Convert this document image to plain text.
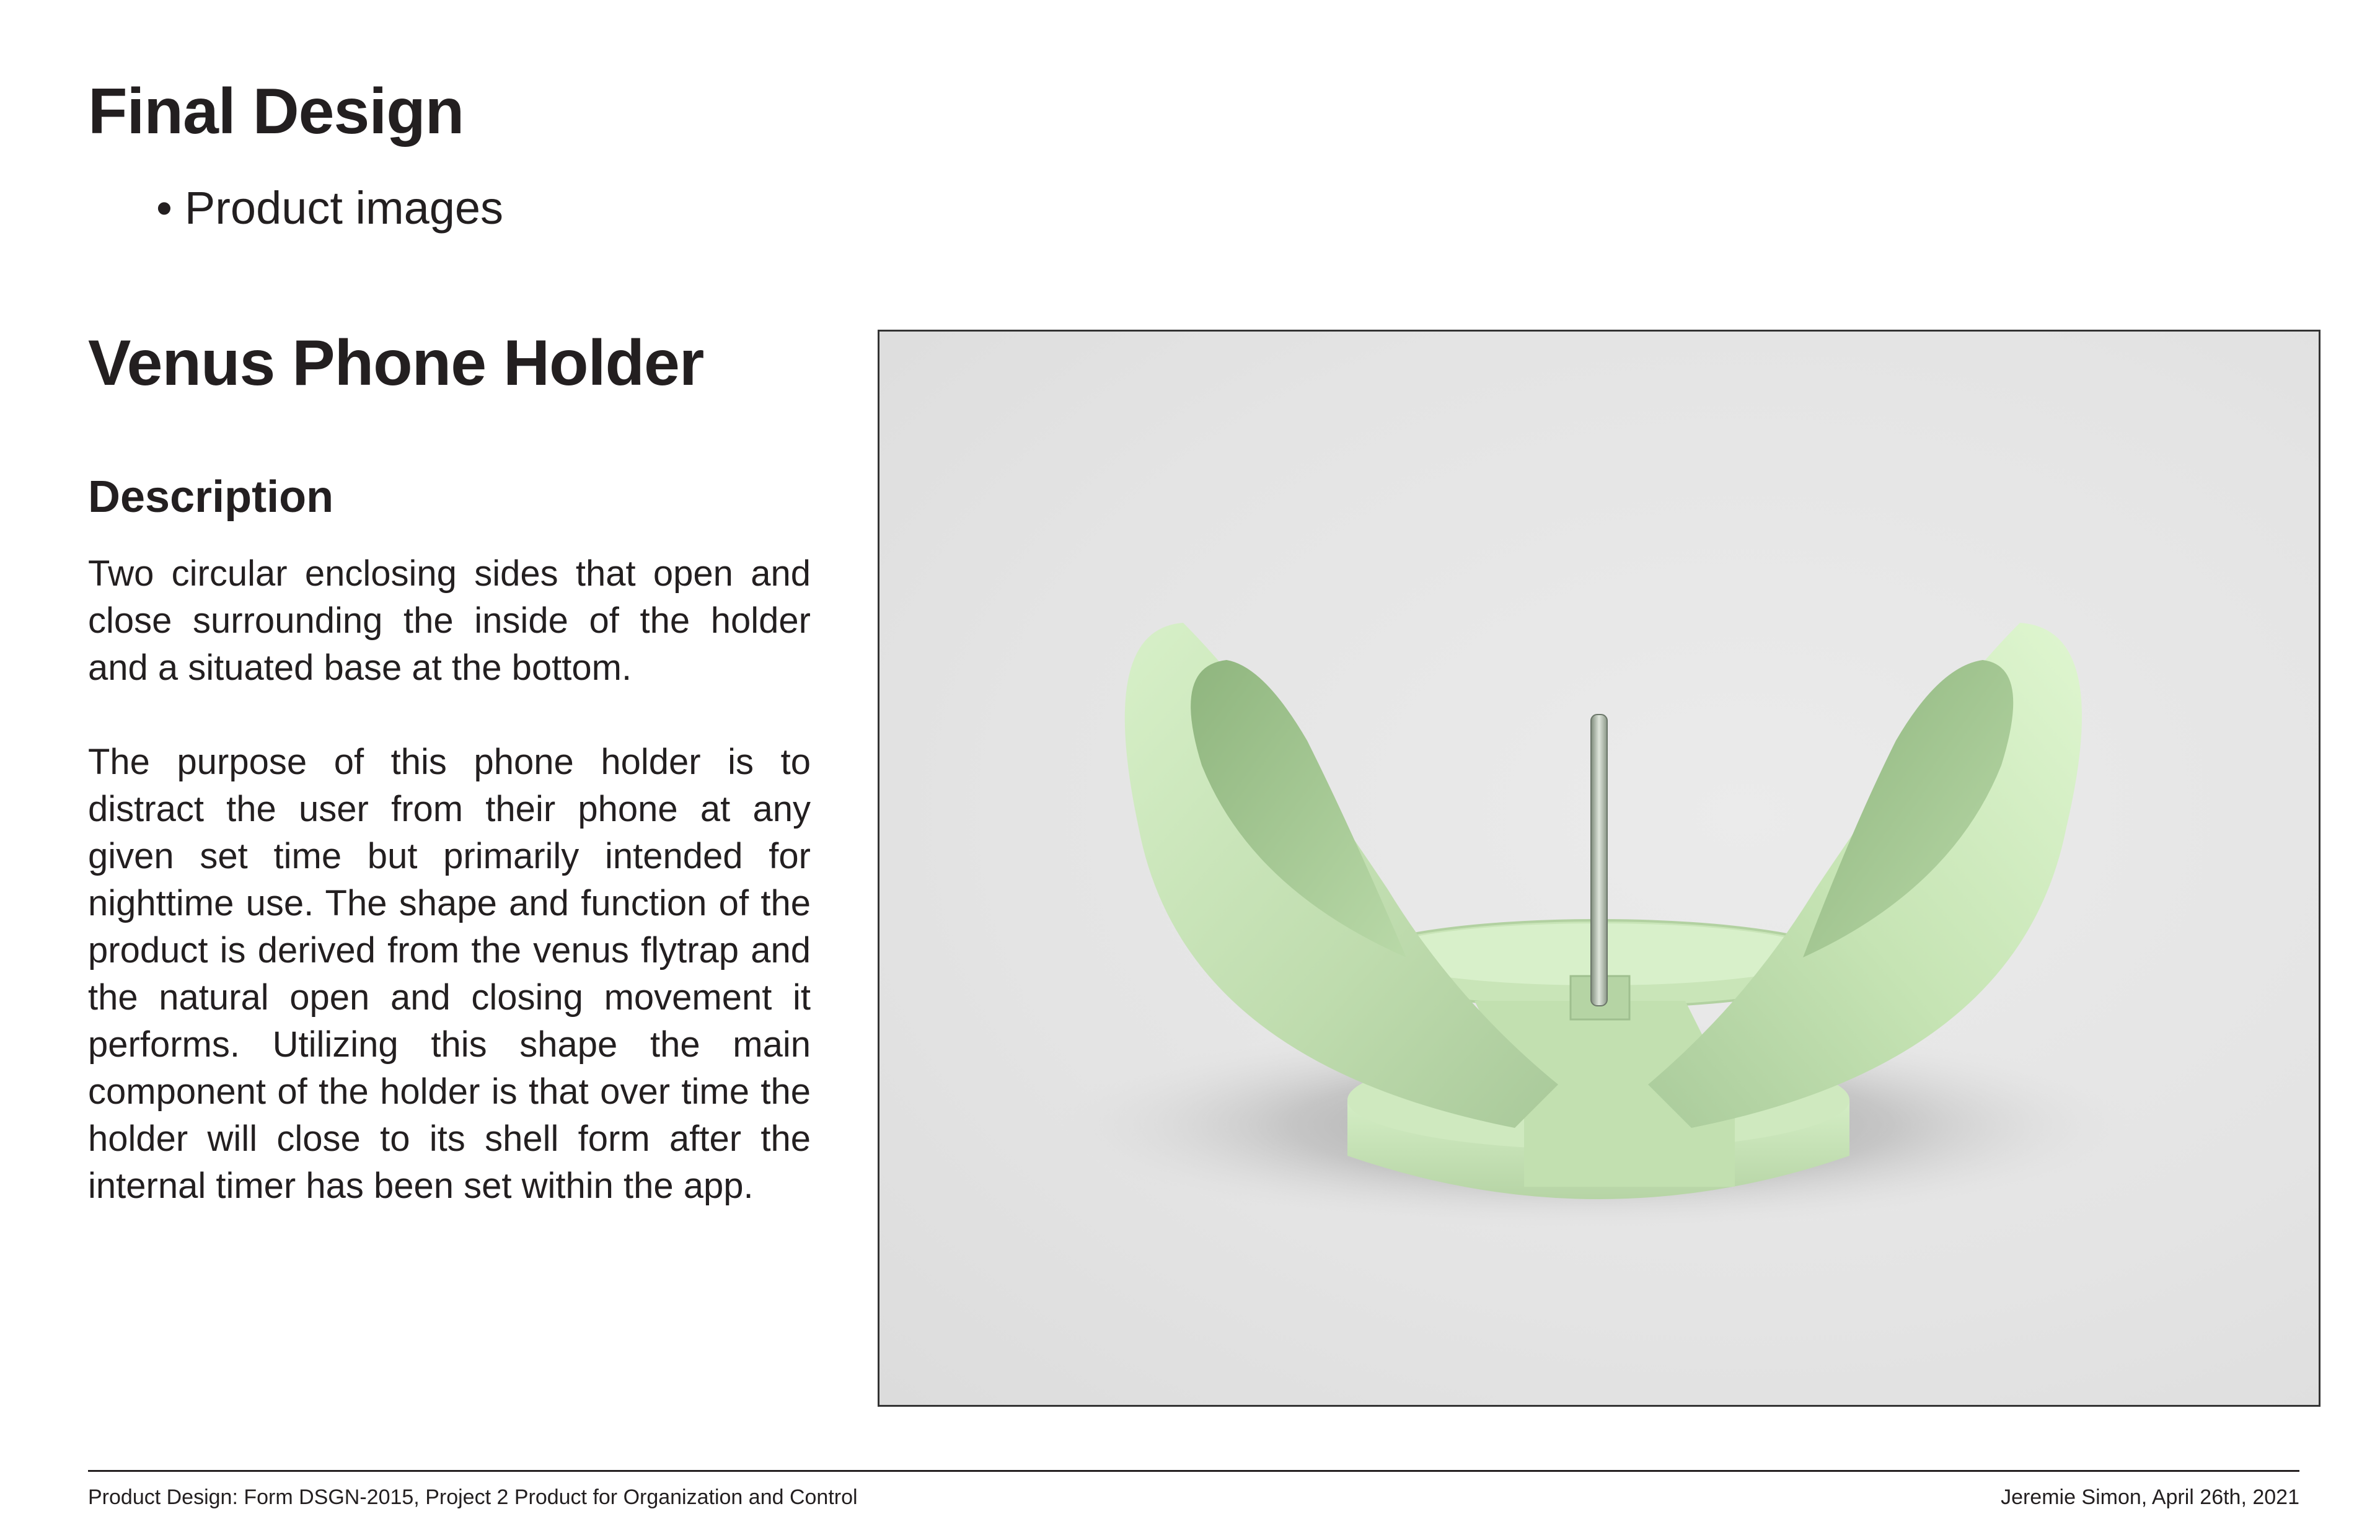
Final Design
• Product images
Venus Phone Holder
Description

Two circular enclosing sides that open and close surrounding the inside of the holder and a situated base at the bottom.

The purpose of this phone holder is to distract the user from their phone at any given set time but primarily intended for nighttime use. The shape and function of the product is derived from the venus flytrap and the natural open and closing movement it performs. Utilizing this shape the main component of the holder is that over time the holder will close to its shell form after the internal timer has been set within the app.

Product Design: Form DSGN-2015, Project 2 Product for Organization and Control	Jeremie Simon, April 26th, 2021
